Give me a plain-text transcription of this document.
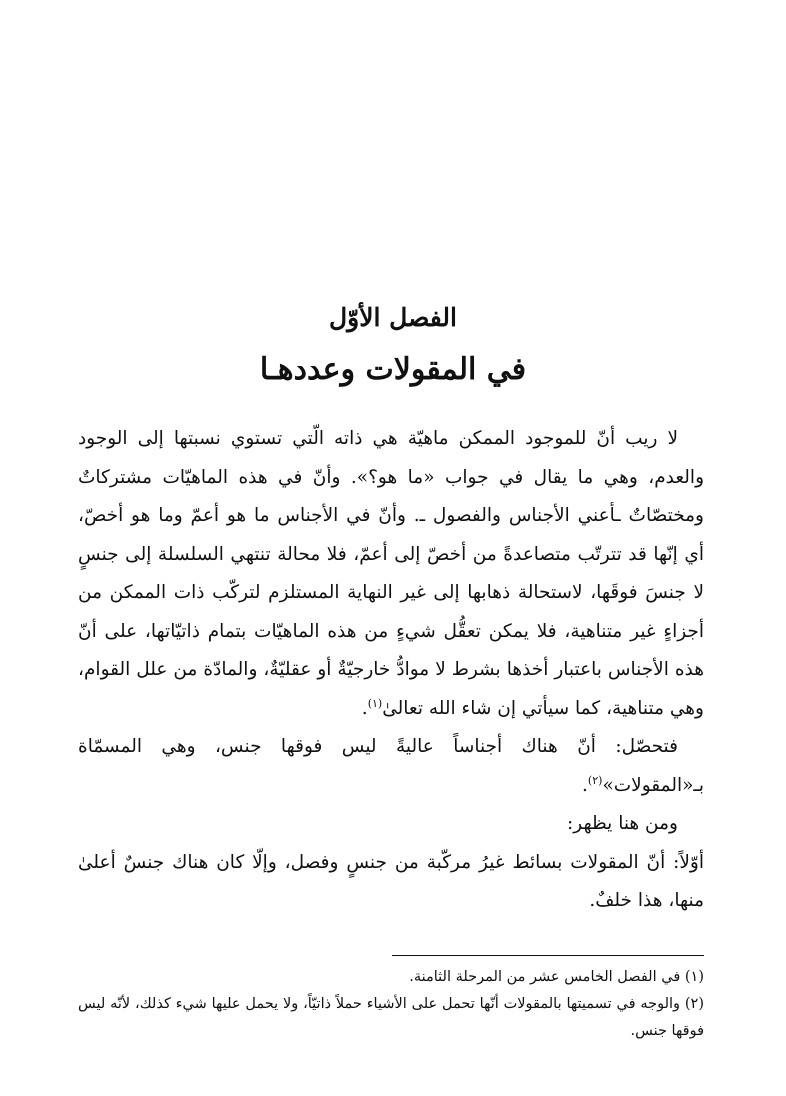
الفصل الأوّل
في المقولات وعددهـا

لا ريب أنّ للموجود الممكن ماهيّة هي ذاته الّتي تستوي نسبتها إلى الوجود والعدم، وهي ما يقال في جواب «ما هو؟». وأنّ في هذه الماهيّات مشتركاتٌ ومختصّاتٌ ـأعني الأجناس والفصول ـ. وأنّ في الأجناس ما هو أعمّ وما هو أخصّ، أي إنّها قد تترتّب متصاعدةً من أخصّ إلى أعمّ، فلا محالة تنتهي السلسلة إلى جنسٍ لا جنسَ فوقَها، لاستحالة ذهابها إلى غير النهاية المستلزم لتركّب ذات الممكن من أجزاءٍ غير متناهية، فلا يمكن تعقُّل شيءٍ من هذه الماهيّات بتمام ذاتيّاتها، على أنّ هذه الأجناس باعتبار أخذها بشرط لا موادُّ خارجيّةٌ أو عقليّةٌ، والمادّة من علل القوام، وهي متناهية، كما سيأتي إن شاء الله تعالىٰ$^{(١)}$.

فتحصّل: أنّ هناك أجناساً عاليةً ليس فوقها جنس، وهي المسمّاة بـ«المقولات»$^{(٢)}$.

ومن هنا يظهر:

أوّلاً: أنّ المقولات بسائط غيرُ مركّبة من جنسٍ وفصل، وإلّا كان هناك جنسٌ أعلىٰ منها، هذا خلفٌ.

(١) في الفصل الخامس عشر من المرحلة الثامنة.

(٢) والوجه في تسميتها بالمقولات أنّها تحمل على الأشياء حملاً ذاتيّاً، ولا يحمل عليها شيء كذلك، لأنّه ليس فوقها جنس.
